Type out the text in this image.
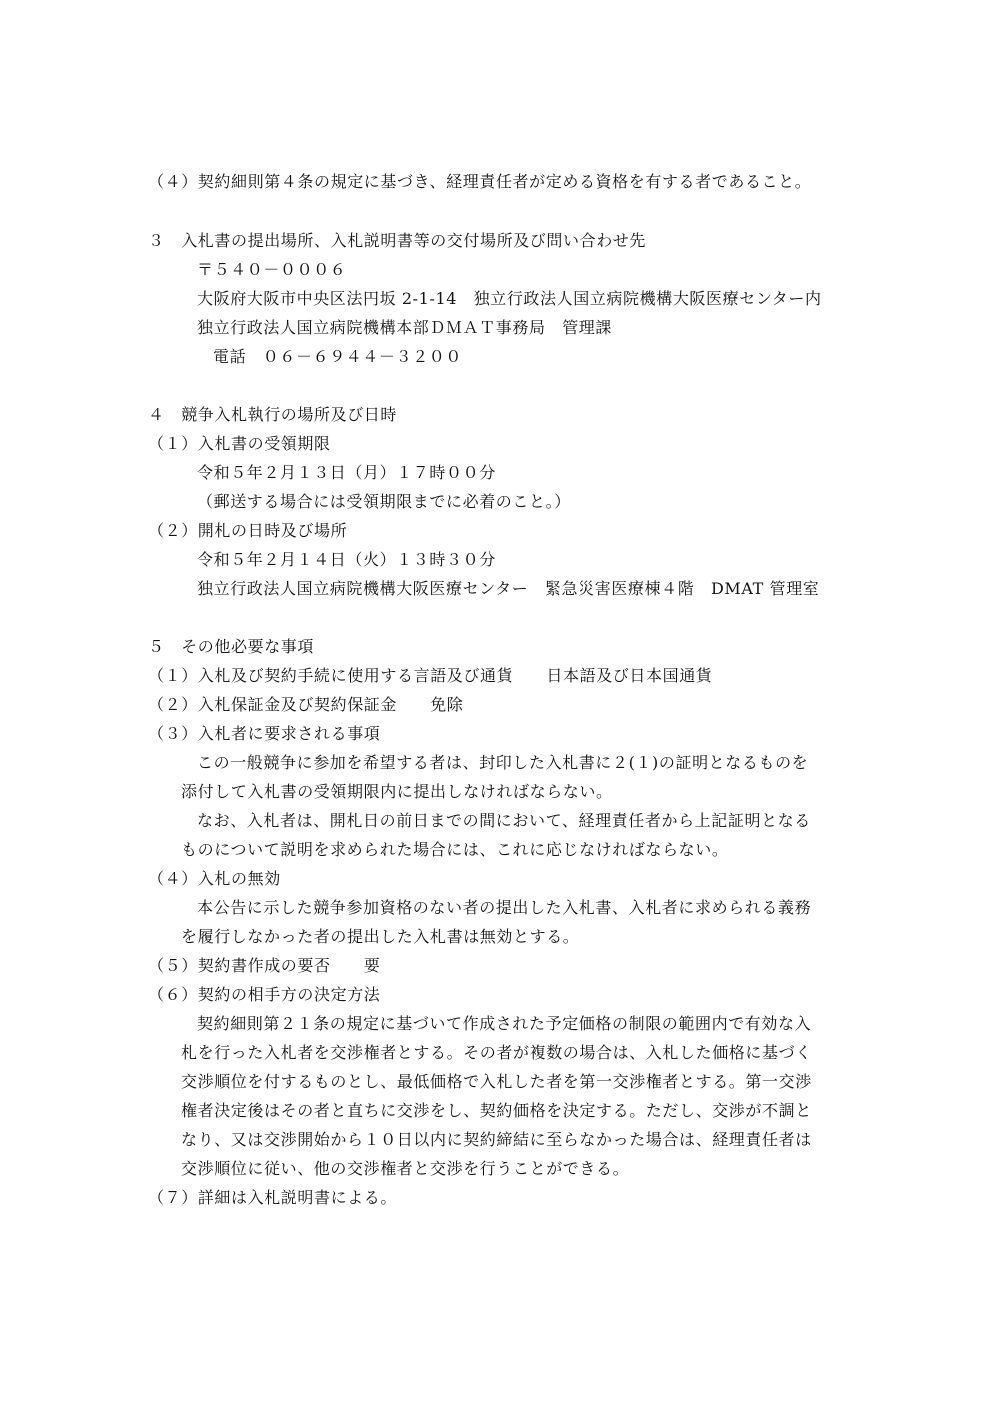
（４）契約細則第４条の規定に基づき、経理責任者が定める資格を有する者であること。
３　入札書の提出場所、入札説明書等の交付場所及び問い合わせ先
〒５４０－０００６
大阪府大阪市中央区法円坂 2-1-14　独立行政法人国立病院機構大阪医療センター内
独立行政法人国立病院機構本部ＤＭＡＴ事務局　管理課
電話　０６－６９４４－３２００
４　競争入札執行の場所及び日時
（１）入札書の受領期限
令和５年２月１３日（月）１７時００分
（郵送する場合には受領期限までに必着のこと。）
（２）開札の日時及び場所
令和５年２月１４日（火）１３時３０分
独立行政法人国立病院機構大阪医療センター　緊急災害医療棟４階　DMAT 管理室
５　その他必要な事項
（１）入札及び契約手続に使用する言語及び通貨　　日本語及び日本国通貨
（２）入札保証金及び契約保証金　　免除
（３）入札者に要求される事項
この一般競争に参加を希望する者は、封印した入札書に２(１)の証明となるものを
添付して入札書の受領期限内に提出しなければならない。
なお、入札者は、開札日の前日までの間において、経理責任者から上記証明となる
ものについて説明を求められた場合には、これに応じなければならない。
（４）入札の無効
本公告に示した競争参加資格のない者の提出した入札書、入札者に求められる義務
を履行しなかった者の提出した入札書は無効とする。
（５）契約書作成の要否　　要
（６）契約の相手方の決定方法
契約細則第２１条の規定に基づいて作成された予定価格の制限の範囲内で有効な入
札を行った入札者を交渉権者とする。その者が複数の場合は、入札した価格に基づく
交渉順位を付するものとし、最低価格で入札した者を第一交渉権者とする。第一交渉
権者決定後はその者と直ちに交渉をし、契約価格を決定する。ただし、交渉が不調と
なり、又は交渉開始から１０日以内に契約締結に至らなかった場合は、経理責任者は
交渉順位に従い、他の交渉権者と交渉を行うことができる。
（７）詳細は入札説明書による。
